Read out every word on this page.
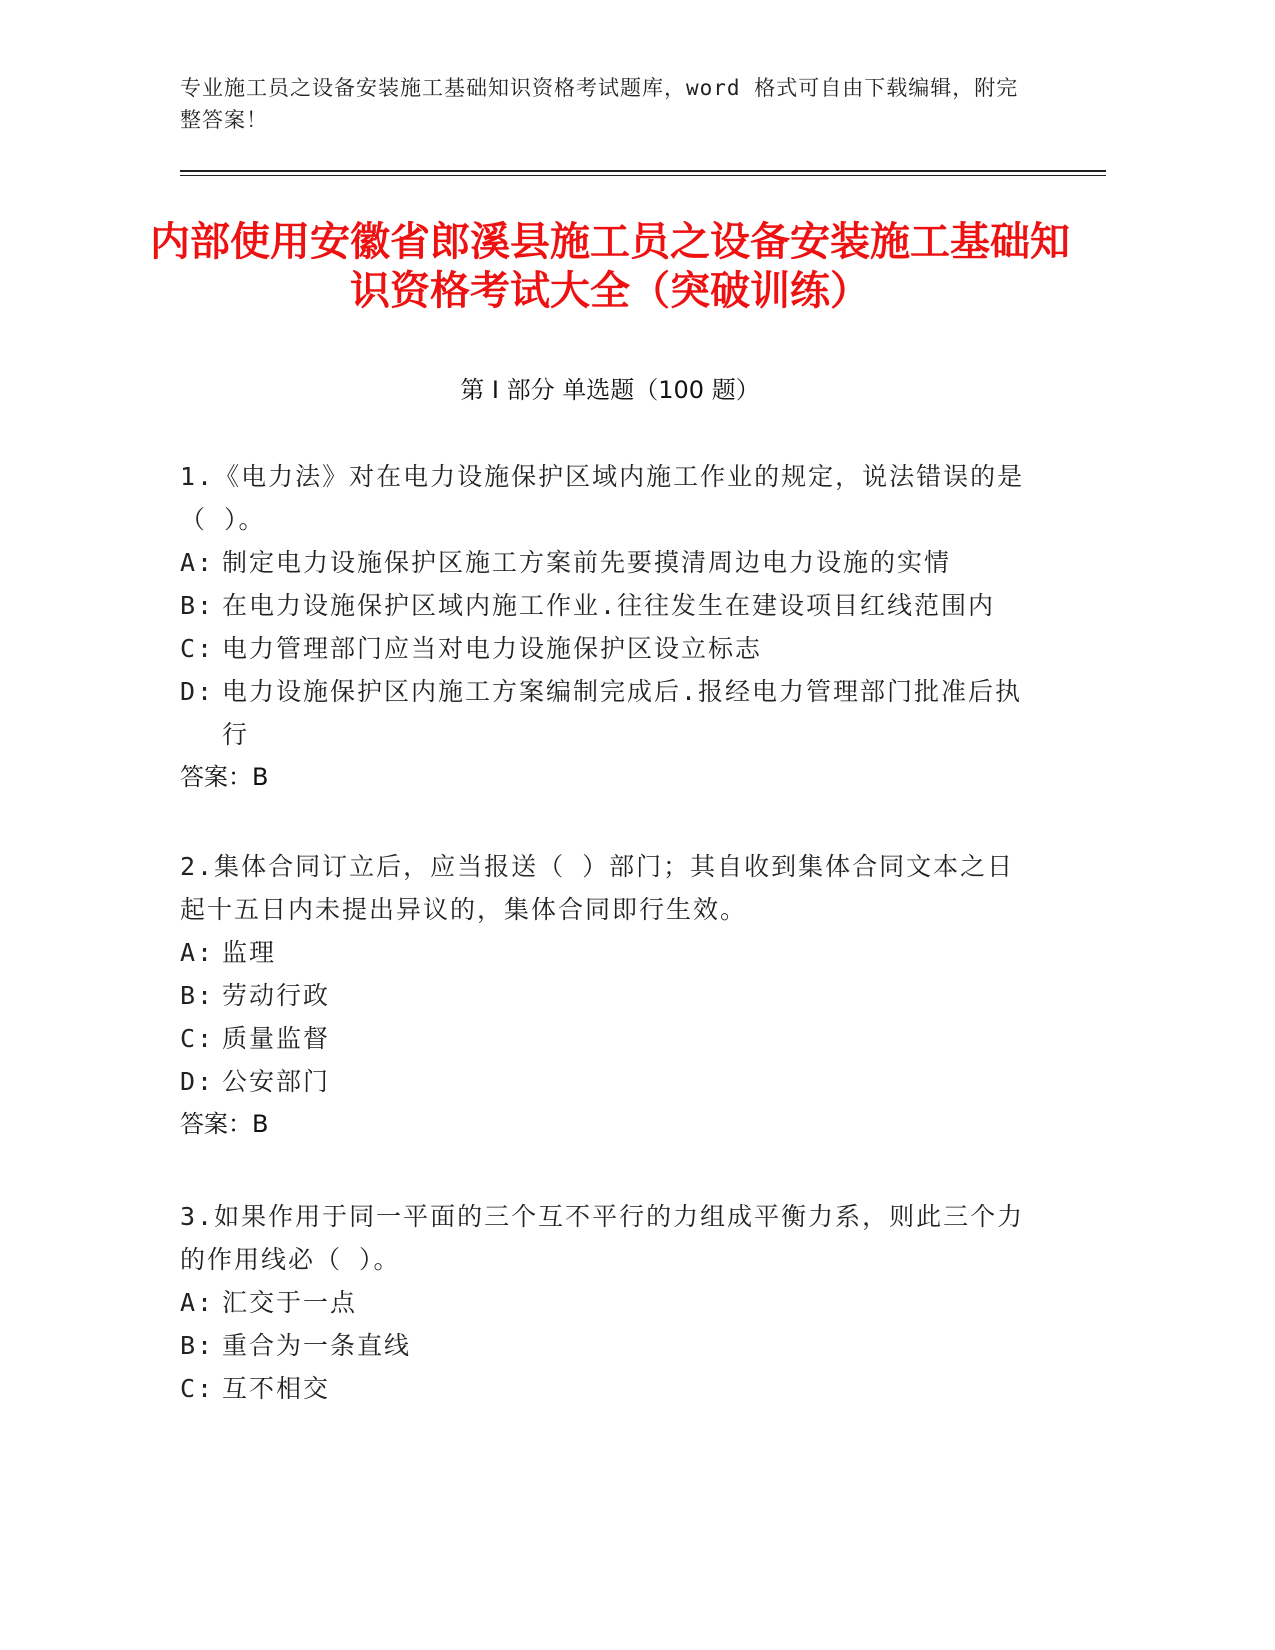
专业施工员之设备安装施工基础知识资格考试题库，word 格式可自由下载编辑，附完整答案！
内部使用安徽省郎溪县施工员之设备安装施工基础知识资格考试大全（突破训练）
第 I 部分 单选题（100 题）
1.《电力法》对在电力设施保护区域内施工作业的规定，说法错误的是（ ）。
A: 制定电力设施保护区施工方案前先要摸清周边电力设施的实情
B: 在电力设施保护区域内施工作业.往往发生在建设项目红线范围内
C: 电力管理部门应当对电力设施保护区设立标志
D: 电力设施保护区内施工方案编制完成后.报经电力管理部门批准后执行
答案：B
2.集体合同订立后，应当报送（ ）部门；其自收到集体合同文本之日起十五日内未提出异议的，集体合同即行生效。
A: 监理
B: 劳动行政
C: 质量监督
D: 公安部门
答案：B
3.如果作用于同一平面的三个互不平行的力组成平衡力系，则此三个力的作用线必（ ）。
A: 汇交于一点
B: 重合为一条直线
C: 互不相交
